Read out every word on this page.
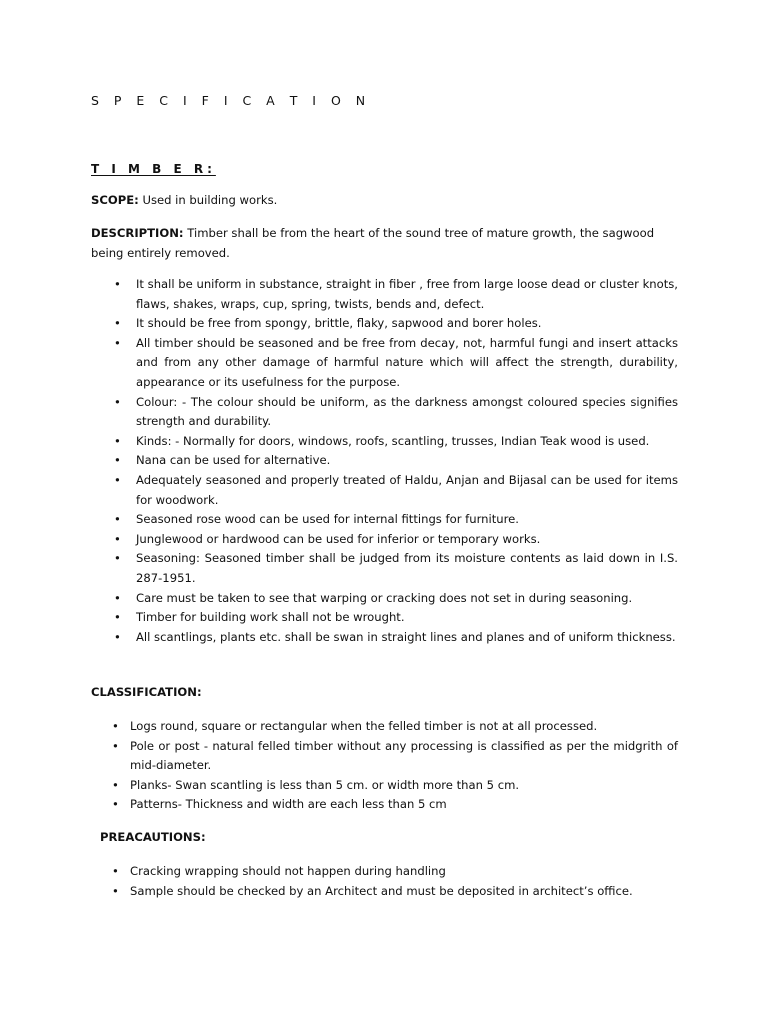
S P E C I F I C A T I O N
T I M B E R:
SCOPE: Used in building works.
DESCRIPTION: Timber shall be from the heart of the sound tree of mature growth, the sagwood being entirely removed.
• It shall be uniform in substance, straight in fiber , free from large loose dead or cluster knots, flaws, shakes, wraps, cup, spring, twists, bends and, defect.
• It should be free from spongy, brittle, flaky, sapwood and borer holes.
• All timber should be seasoned and be free from decay, not, harmful fungi and insert attacks and from any other damage of harmful nature which will affect the strength, durability, appearance or its usefulness for the purpose.
• Colour: - The colour should be uniform, as the darkness amongst coloured species signifies strength and durability.
• Kinds: - Normally for doors, windows, roofs, scantling, trusses, Indian Teak wood is used.
• Nana can be used for alternative.
• Adequately seasoned and properly treated of Haldu, Anjan and Bijasal can be used for items for woodwork.
• Seasoned rose wood can be used for internal fittings for furniture.
• Junglewood or hardwood can be used for inferior or temporary works.
• Seasoning: Seasoned timber shall be judged from its moisture contents as laid down in I.S. 287-1951.
• Care must be taken to see that warping or cracking does not set in during seasoning.
• Timber for building work shall not be wrought.
• All scantlings, plants etc. shall be swan in straight lines and planes and of uniform thickness.
CLASSIFICATION:
• Logs round, square or rectangular when the felled timber is not at all processed.
• Pole or post - natural felled timber without any processing is classified as per the midgrith of mid-diameter.
• Planks- Swan scantling is less than 5 cm. or width more than 5 cm.
• Patterns- Thickness and width are each less than 5 cm
PREACAUTIONS:
• Cracking wrapping should not happen during handling
• Sample should be checked by an Architect and must be deposited in architect’s office.
